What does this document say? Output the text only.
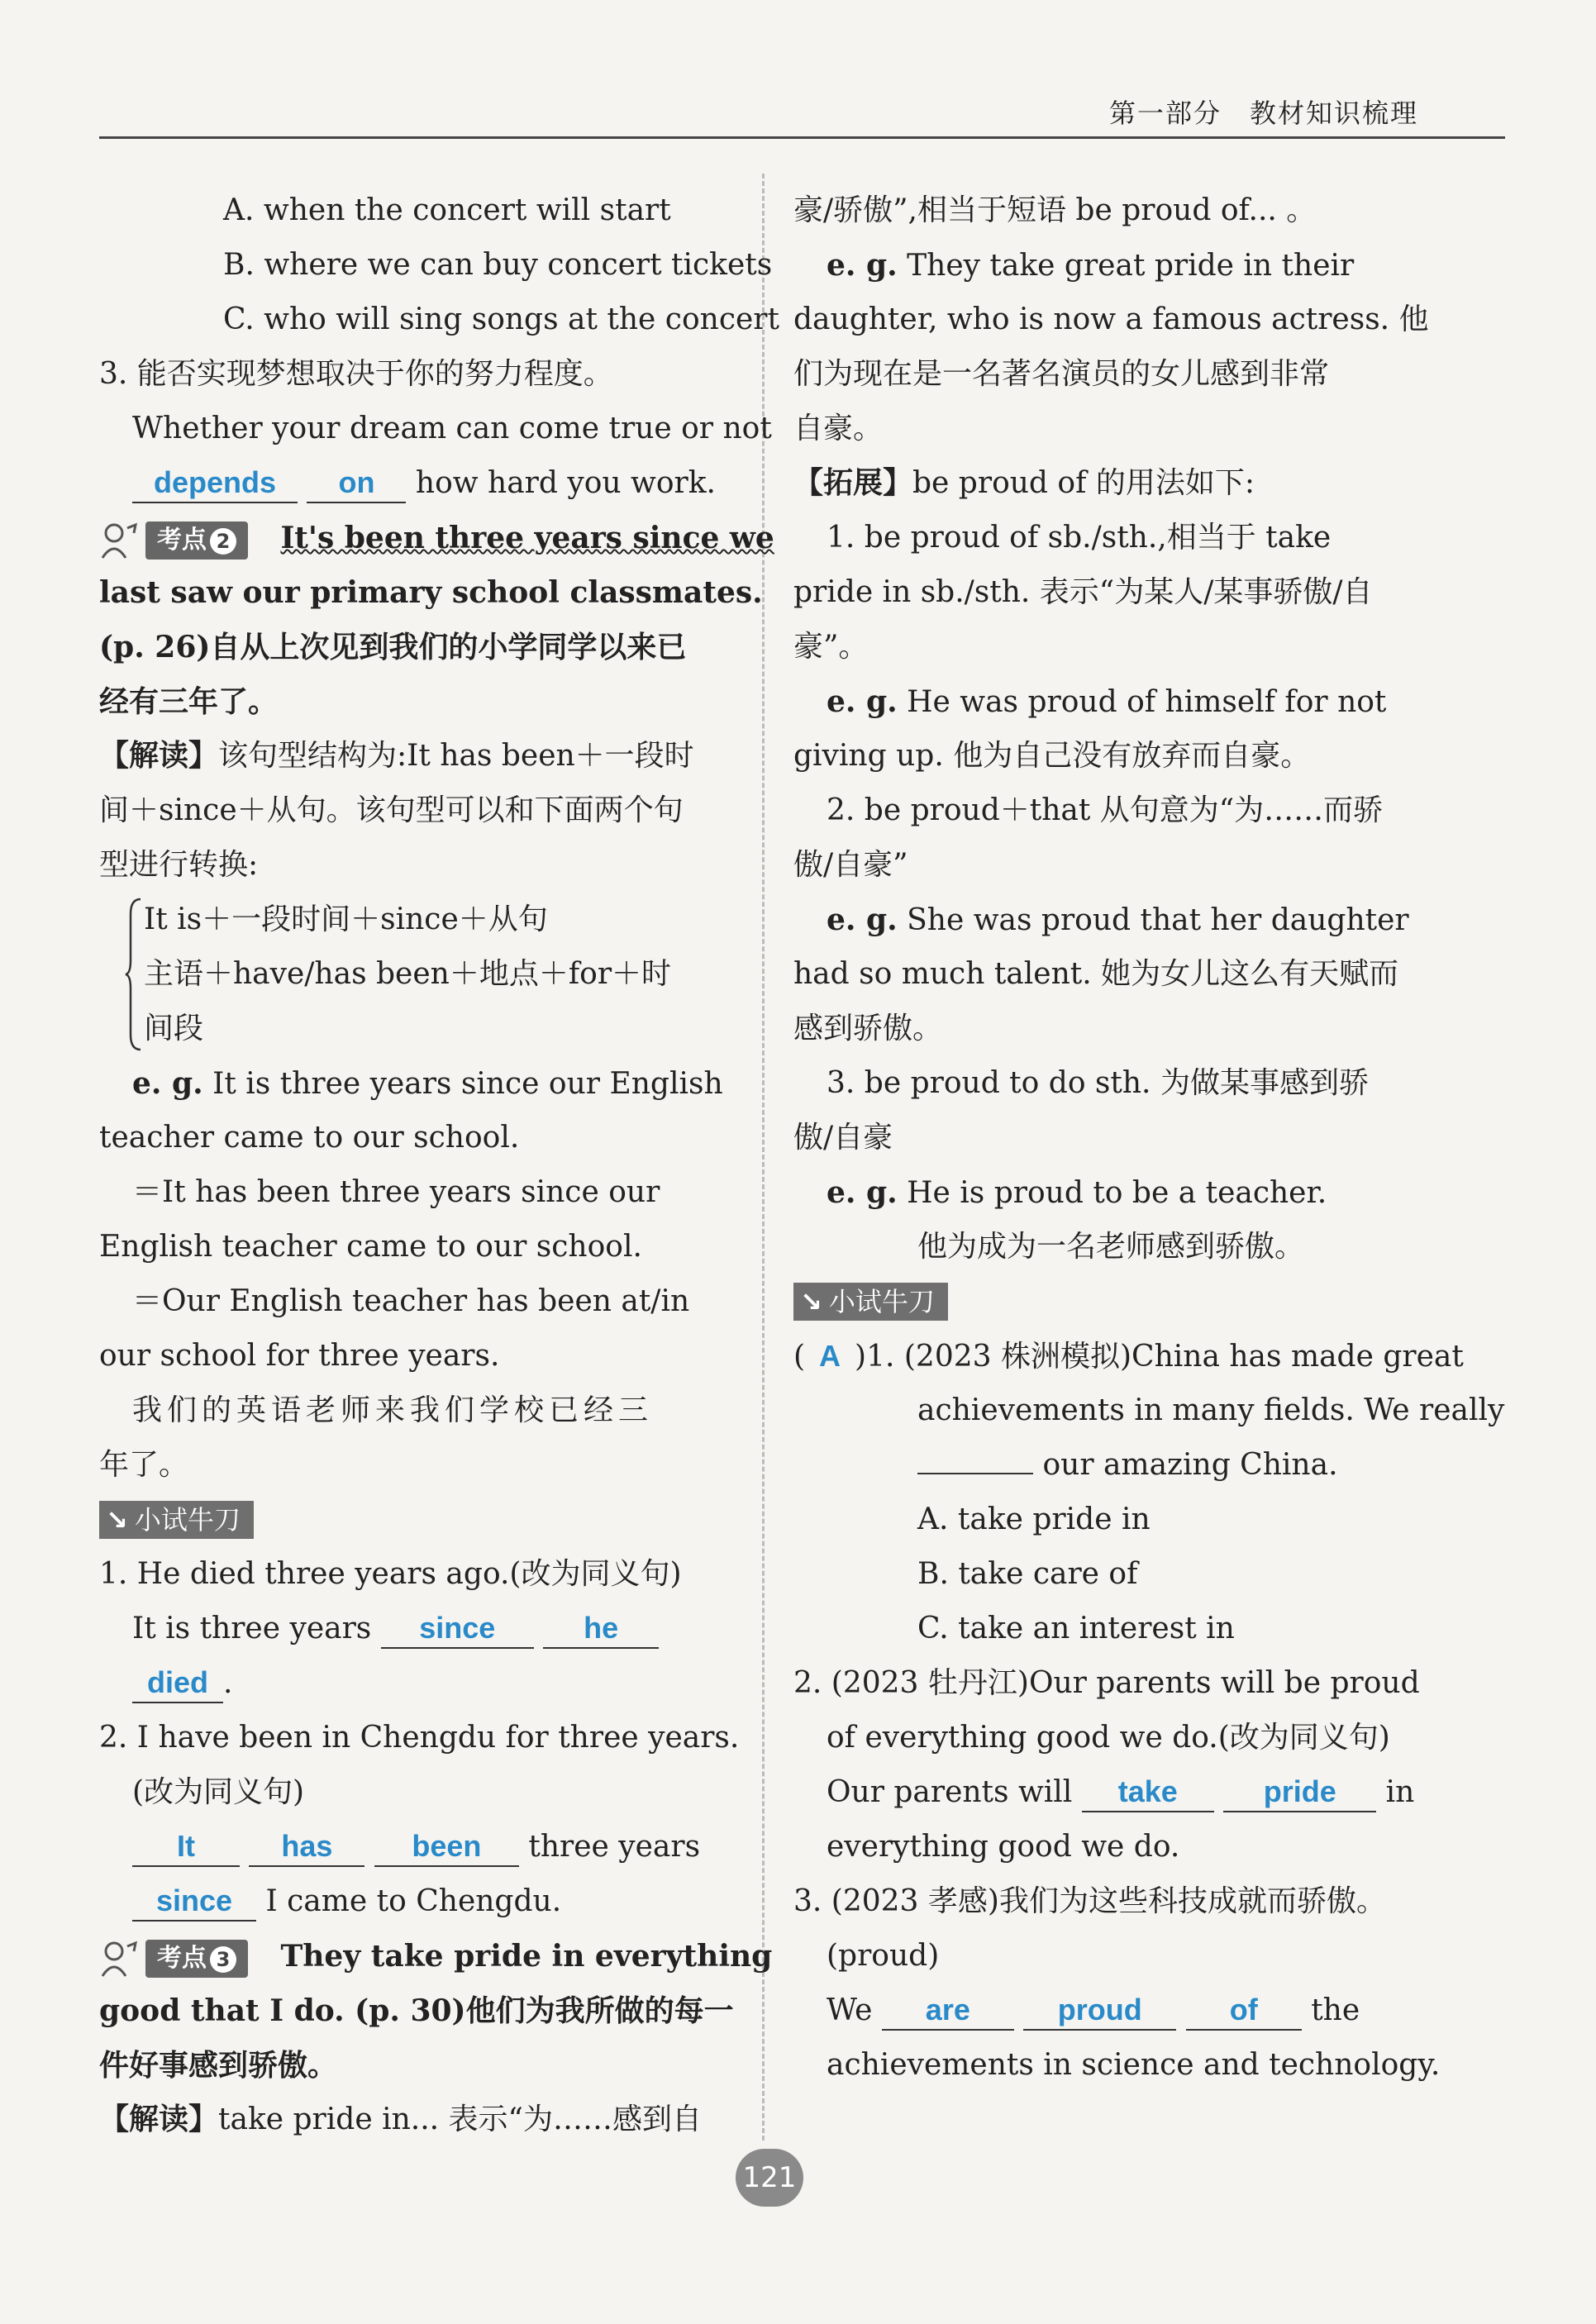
第一部分　教材知识梳理
A. when the concert will start
B. where we can buy concert tickets
C. who will sing songs at the concert
3. 能否实现梦想取决于你的努力程度。
Whether your dream can come true or not
depends on how hard you work.
考点 2 It's been three years since we
last saw our primary school classmates.
(p. 26)自从上次见到我们的小学同学以来已
经有三年了。
【解读】该句型结构为:It has been＋一段时
间＋since＋从句。该句型可以和下面两个句
型进行转换:
It is＋一段时间＋since＋从句
主语＋have/has been＋地点＋for＋时
间段
e. g. It is three years since our English
teacher came to our school.
＝It has been three years since our
English teacher came to our school.
＝Our English teacher has been at/in
our school for three years.
我们的英语老师来我们学校已经三
年了。
↘ 小试牛刀
1. He died three years ago.(改为同义句)
It is three years since	he
died .
2. I have been in Chengdu for three years.
(改为同义句)
It	has	been three years
since I came to Chengdu.
考点 3 They take pride in everything
good that I do. (p. 30)他们为我所做的每一
件好事感到骄傲。
【解读】take pride in... 表示“为……感到自
豪/骄傲”,相当于短语 be proud of... 。
e. g. They take great pride in their
daughter, who is now a famous actress. 他
们为现在是一名著名演员的女儿感到非常
自豪。
【拓展】be proud of 的用法如下:
1. be proud of sb./sth.,相当于 take
pride in sb./sth. 表示“为某人/某事骄傲/自
豪”。
e. g. He was proud of himself for not
giving up. 他为自己没有放弃而自豪。
2. be proud＋that 从句意为“为……而骄
傲/自豪”
e. g. She was proud that her daughter
had so much talent. 她为女儿这么有天赋而
感到骄傲。
3. be proud to do sth. 为做某事感到骄
傲/自豪
e. g. He is proud to be a teacher.
他为成为一名老师感到骄傲。
↘ 小试牛刀
( A )1. (2023 株洲模拟)China has made great
achievements in many fields. We really
our amazing China.
A. take pride in
B. take care of
C. take an interest in
2. (2023 牡丹江)Our parents will be proud
of everything good we do.(改为同义句)
Our parents will take	pride in
everything good we do.
3. (2023 孝感)我们为这些科技成就而骄傲。
(proud)
We are	proud	of the
achievements in science and technology.
121
